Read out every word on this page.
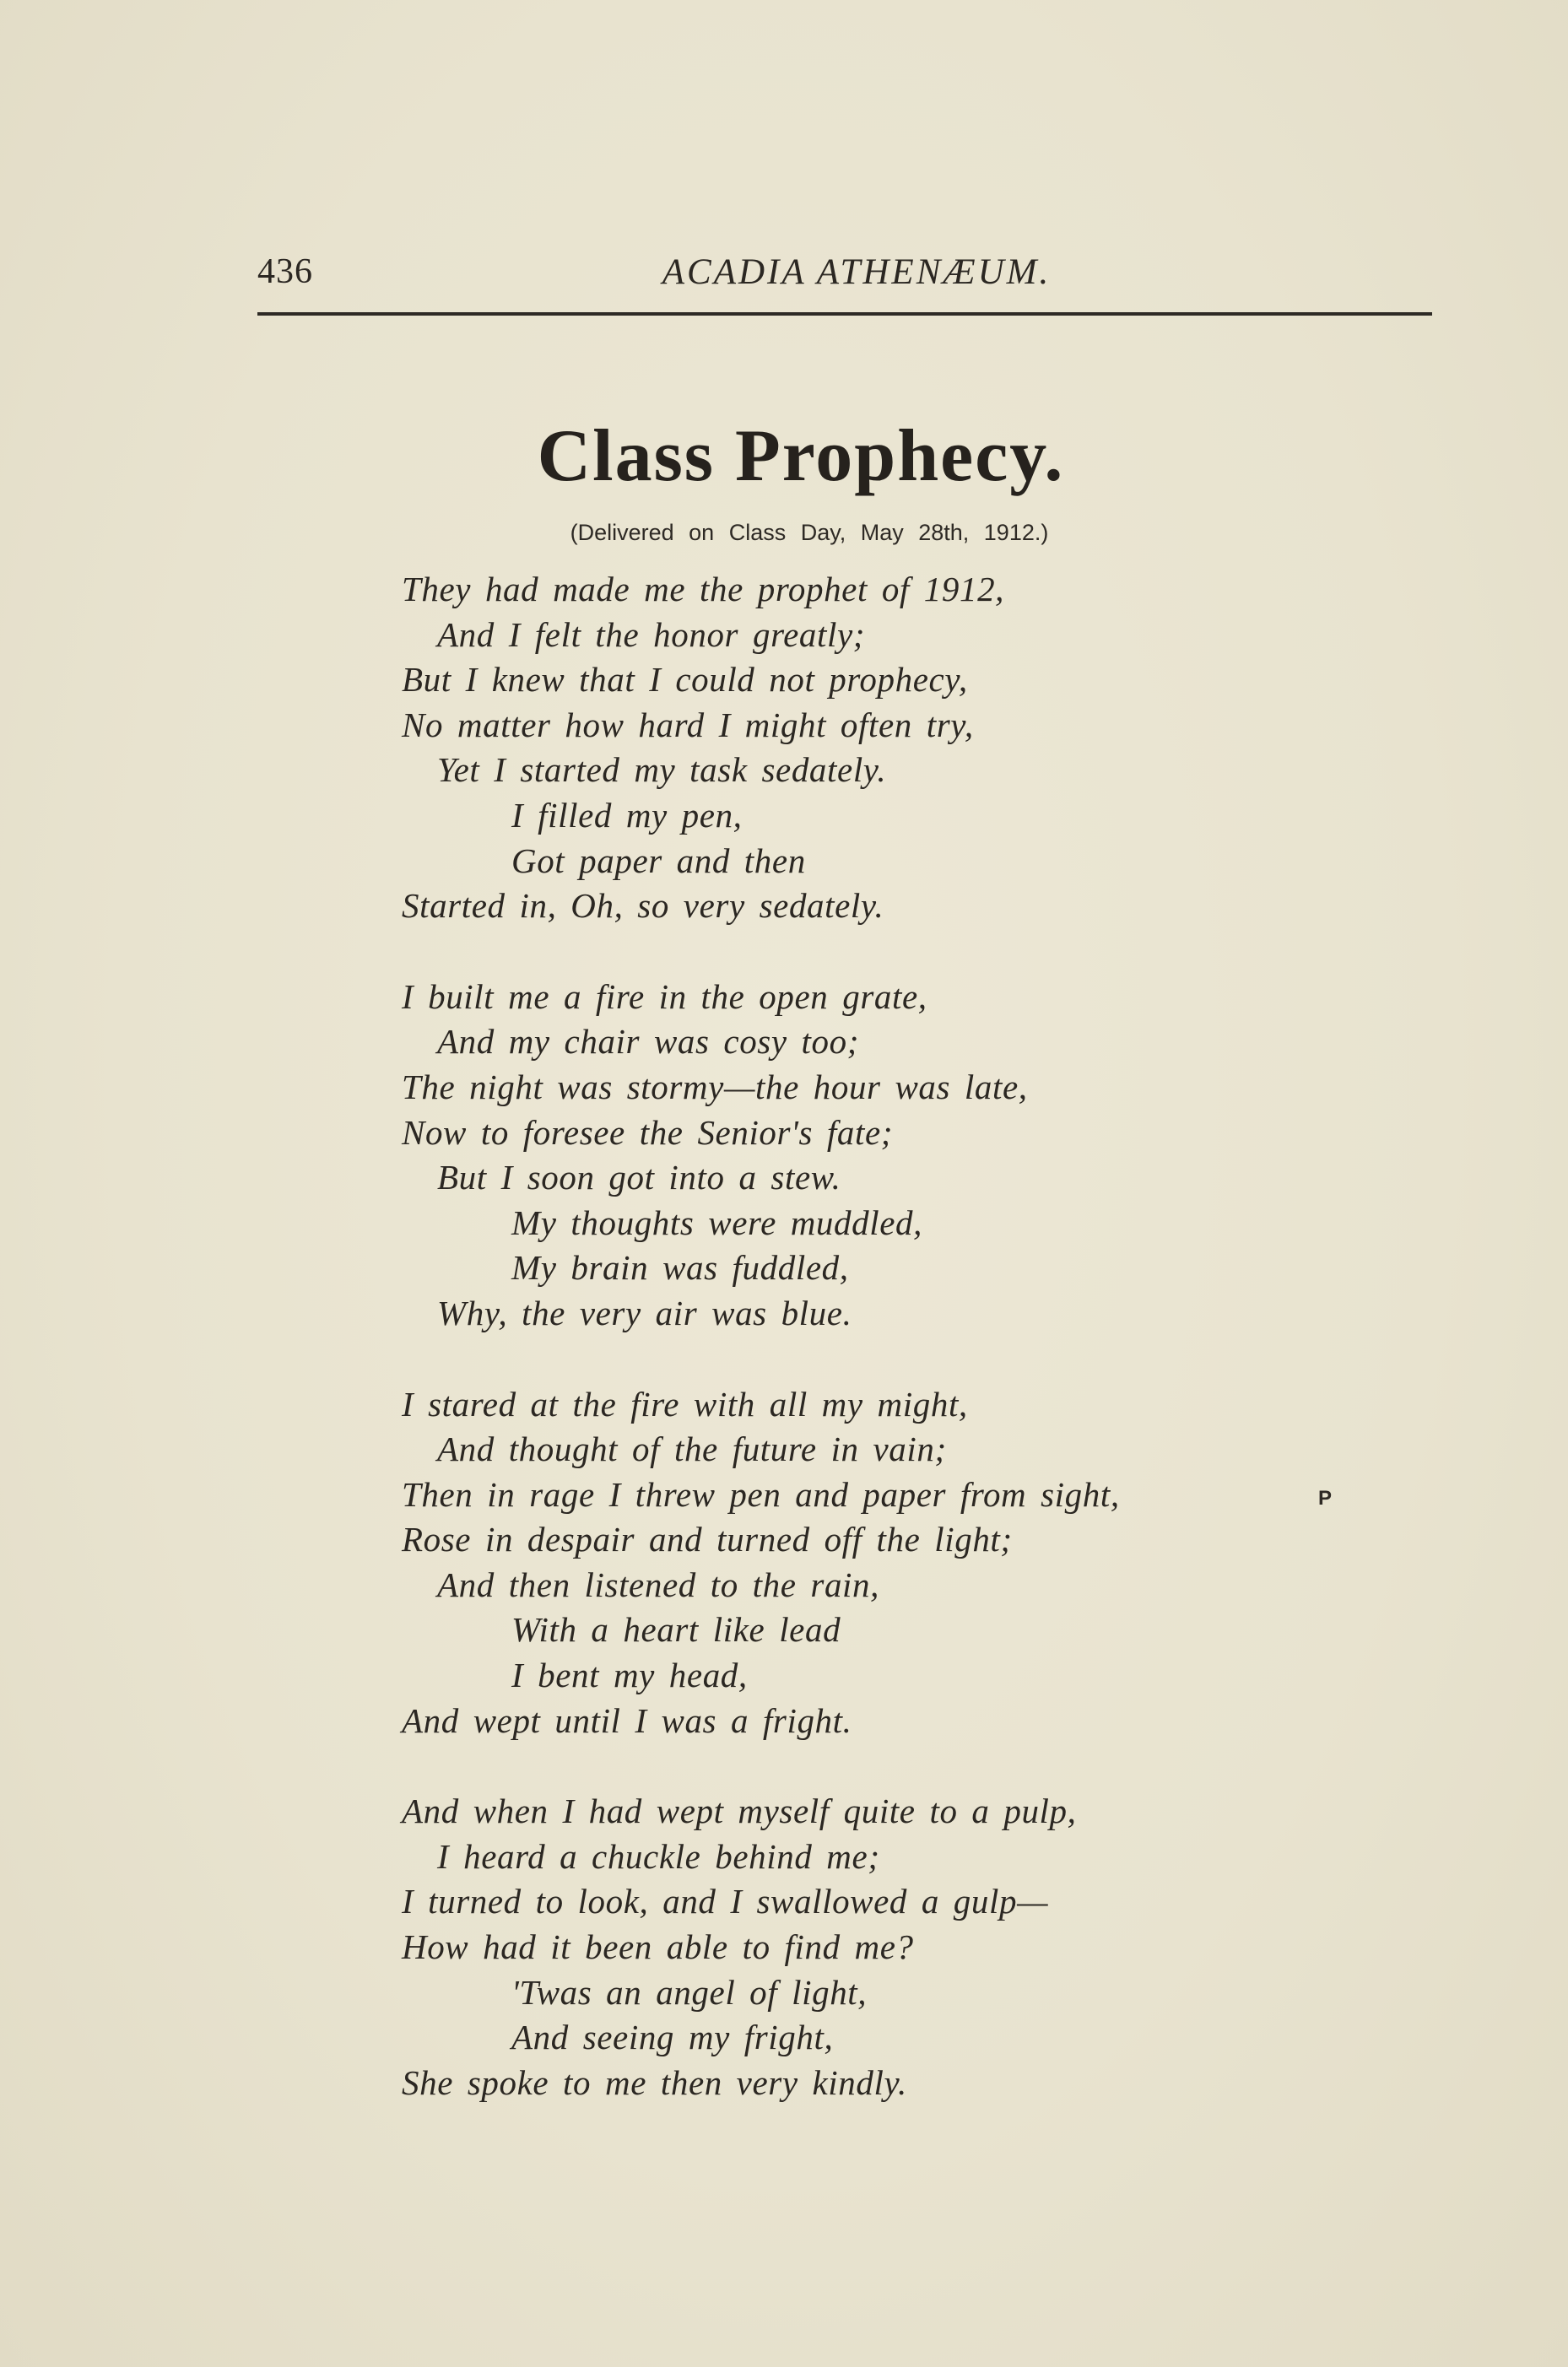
436	ACADIA ATHENÆUM.
Class Prophecy.
(Delivered on Class Day, May 28th, 1912.)
They had made me the prophet of 1912,
And I felt the honor greatly;
But I knew that I could not prophecy,
No matter how hard I might often try,
Yet I started my task sedately.
I filled my pen,
Got paper and then
Started in, Oh, so very sedately.
I built me a fire in the open grate,
And my chair was cosy too;
The night was stormy—the hour was late,
Now to foresee the Senior's fate;
But I soon got into a stew.
My thoughts were muddled,
My brain was fuddled,
Why, the very air was blue.
I stared at the fire with all my might,
And thought of the future in vain;
Then in rage I threw pen and paper from sight,
Rose in despair and turned off the light;
And then listened to the rain,
With a heart like lead
I bent my head,
And wept until I was a fright.
And when I had wept myself quite to a pulp,
I heard a chuckle behind me;
I turned to look, and I swallowed a gulp—
How had it been able to find me?
'Twas an angel of light,
And seeing my fright,
She spoke to me then very kindly.
P
